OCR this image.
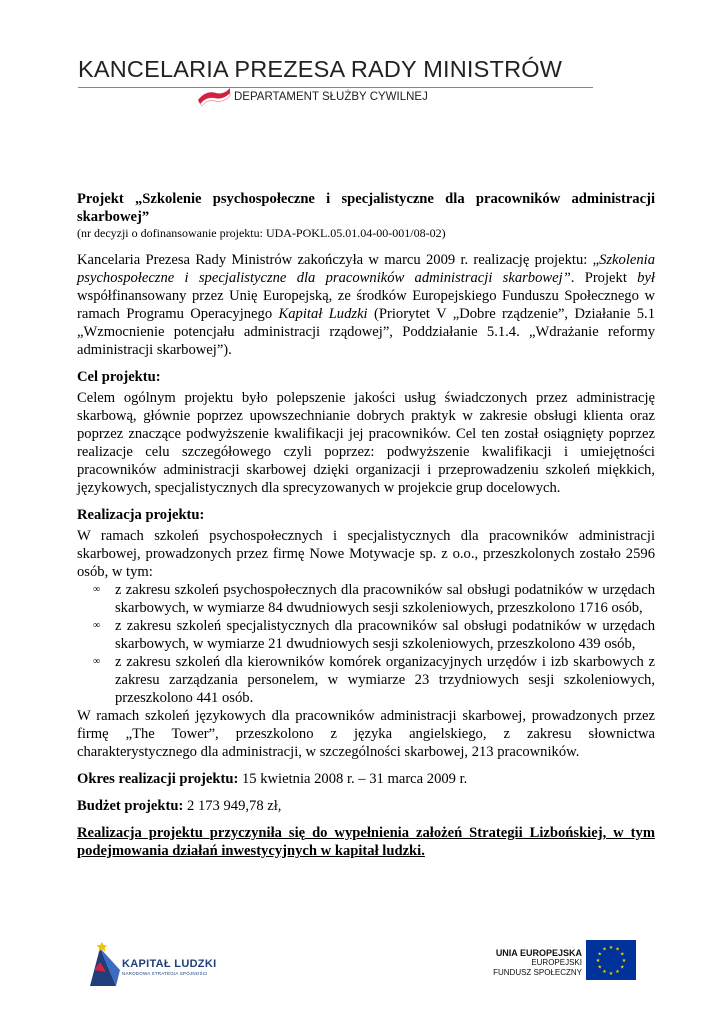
KANCELARIA PREZESA RADY MINISTRÓW
DEPARTAMENT SŁUŻBY CYWILNEJ

Projekt „Szkolenie psychospołeczne i specjalistyczne dla pracowników administracji skarbowej”

(nr decyzji o dofinansowanie projektu: UDA-POKL.05.01.04-00-001/08-02)

Kancelaria Prezesa Rady Ministrów zakończyła w marcu 2009 r. realizację projektu: „Szkolenia psychospołeczne i specjalistyczne dla pracowników administracji skarbowej”. Projekt był współfinansowany przez Unię Europejską, ze środków Europejskiego Funduszu Społecznego w ramach Programu Operacyjnego Kapitał Ludzki (Priorytet V „Dobre rządzenie”, Działanie 5.1 „Wzmocnienie potencjału administracji rządowej”, Poddziałanie 5.1.4. „Wdrażanie reformy administracji skarbowej”).

Cel projektu:

Celem ogólnym projektu było polepszenie jakości usług świadczonych przez administrację skarbową, głównie poprzez upowszechnianie dobrych praktyk w zakresie obsługi klienta oraz poprzez znaczące podwyższenie kwalifikacji jej pracowników. Cel ten został osiągnięty poprzez realizacje celu szczegółowego czyli poprzez: podwyższenie kwalifikacji i umiejętności pracowników administracji skarbowej dzięki organizacji i przeprowadzeniu szkoleń miękkich, językowych, specjalistycznych dla sprecyzowanych w projekcie grup docelowych.

Realizacja projektu:

W ramach szkoleń psychospołecznych i specjalistycznych dla pracowników administracji skarbowej, prowadzonych przez firmę Nowe Motywacje sp. z o.o., przeszkolonych zostało 2596 osób, w tym:

∞ z zakresu szkoleń psychospołecznych dla pracowników sal obsługi podatników w urzędach skarbowych, w wymiarze 84 dwudniowych sesji szkoleniowych, przeszkolono 1716 osób,
∞ z zakresu szkoleń specjalistycznych dla pracowników sal obsługi podatników w urzędach skarbowych, w wymiarze 21 dwudniowych sesji szkoleniowych, przeszkolono 439 osób,
∞ z zakresu szkoleń dla kierowników komórek organizacyjnych urzędów i izb skarbowych z zakresu zarządzania personelem, w wymiarze 23 trzydniowych sesji szkoleniowych, przeszkolono 441 osób.

W ramach szkoleń językowych dla pracowników administracji skarbowej, prowadzonych przez firmę „The Tower”, przeszkolono z języka angielskiego, z zakresu słownictwa charakterystycznego dla administracji, w szczególności skarbowej, 213 pracowników.

Okres realizacji projektu: 15 kwietnia 2008 r. – 31 marca 2009 r.

Budżet projektu: 2 173 949,78 zł,

Realizacja projektu przyczyniła się do wypełnienia założeń Strategii Lizbońskiej, w tym podejmowania działań inwestycyjnych w kapitał ludzki.

KAPITAŁ LUDZKI
NARODOWA STRATEGIA SPÓJNOŚCI
UNIA EUROPEJSKA
EUROPEJSKI
FUNDUSZ SPOŁECZNY
★
★
★
★
★
★
★
★
★ ★ ★
★
